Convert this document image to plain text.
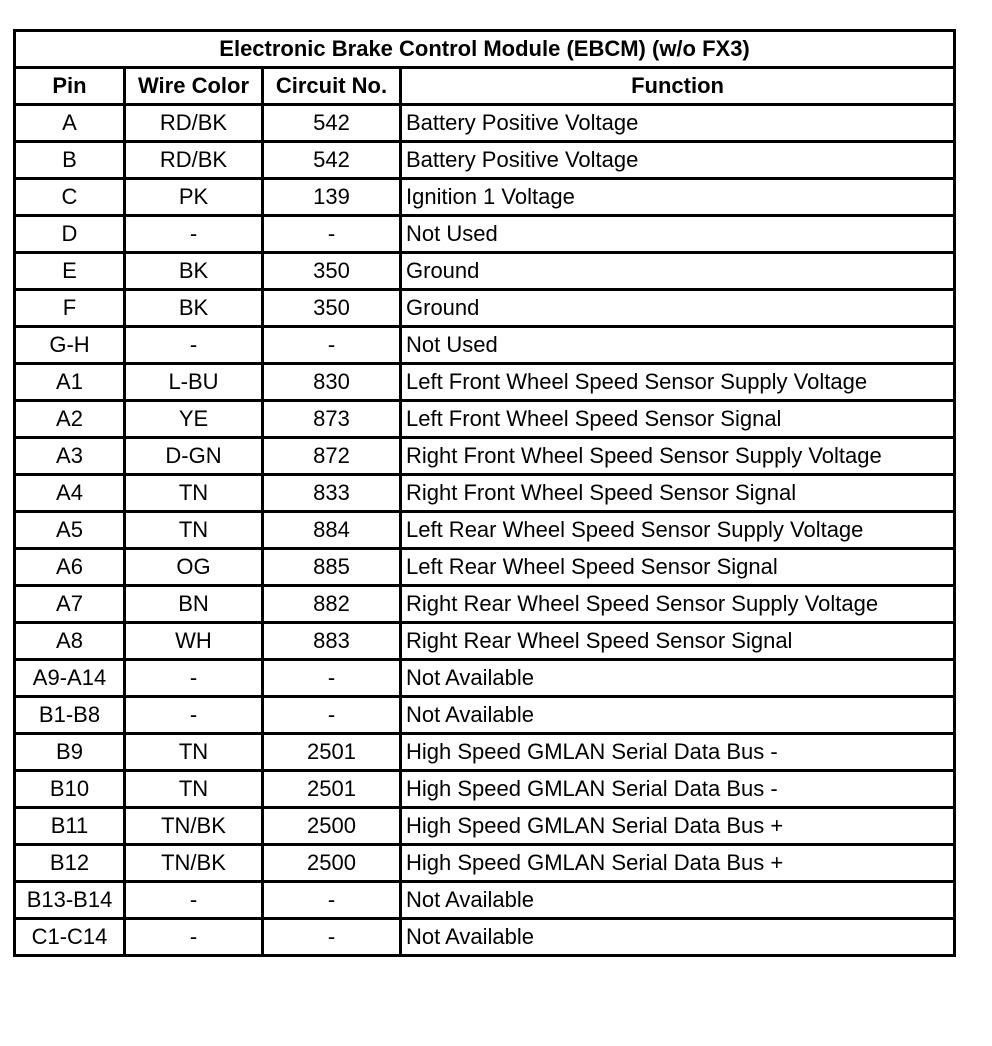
Electronic Brake Control Module (EBCM) (w/o FX3)			
Pin	Wire Color	Circuit No.	Function
A	RD/BK	542	Battery Positive Voltage
B	RD/BK	542	Battery Positive Voltage
C	PK	139	Ignition 1 Voltage
D	-	-	Not Used
E	BK	350	Ground
F	BK	350	Ground
G-H	-	-	Not Used
A1	L-BU	830	Left Front Wheel Speed Sensor Supply Voltage
A2	YE	873	Left Front Wheel Speed Sensor Signal
A3	D-GN	872	Right Front Wheel Speed Sensor Supply Voltage
A4	TN	833	Right Front Wheel Speed Sensor Signal
A5	TN	884	Left Rear Wheel Speed Sensor Supply Voltage
A6	OG	885	Left Rear Wheel Speed Sensor Signal
A7	BN	882	Right Rear Wheel Speed Sensor Supply Voltage
A8	WH	883	Right Rear Wheel Speed Sensor Signal
A9-A14	-	-	Not Available
B1-B8	-	-	Not Available
B9	TN	2501	High Speed GMLAN Serial Data Bus -
B10	TN	2501	High Speed GMLAN Serial Data Bus -
B11	TN/BK	2500	High Speed GMLAN Serial Data Bus +
B12	TN/BK	2500	High Speed GMLAN Serial Data Bus +
B13-B14	-	-	Not Available
C1-C14	-	-	Not Available
